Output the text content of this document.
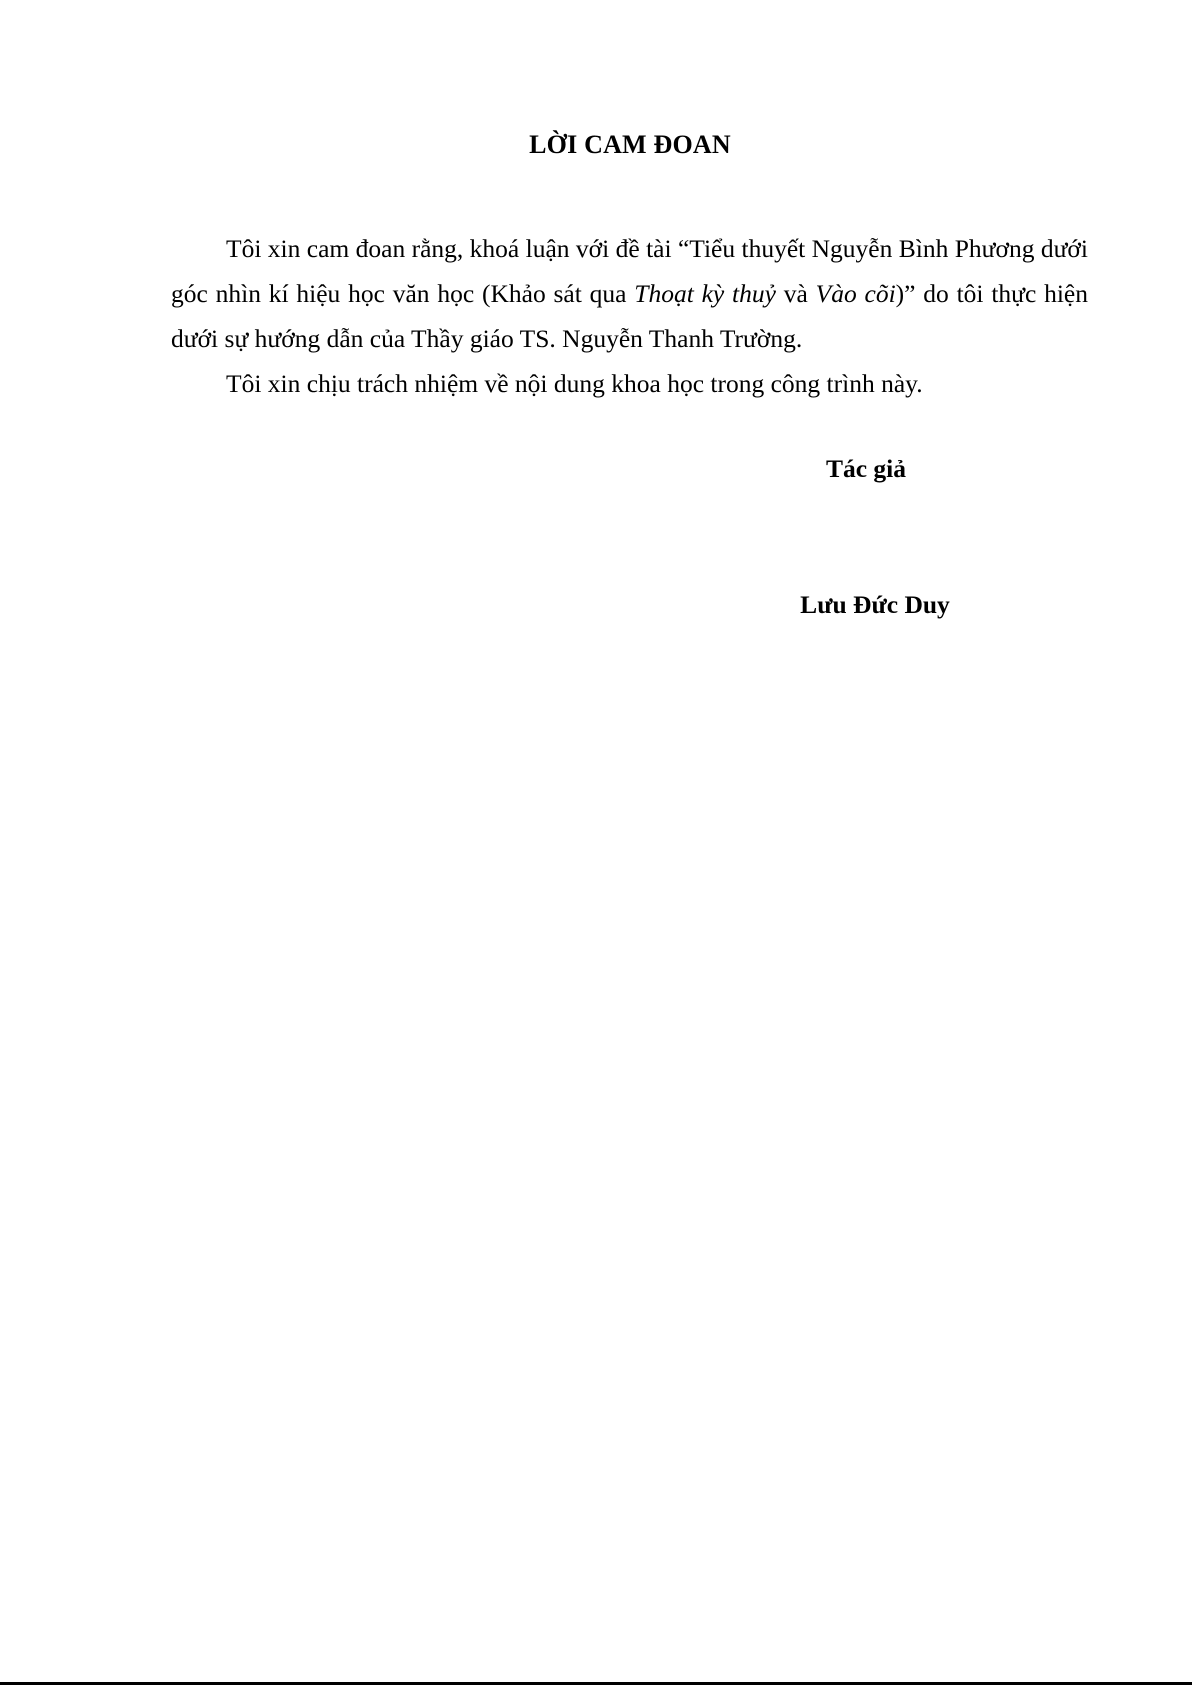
LỜI CAM ĐOAN

Tôi xin cam đoan rằng, khoá luận với đề tài “Tiểu thuyết Nguyễn Bình Phương dưới góc nhìn kí hiệu học văn học (Khảo sát qua Thoạt kỳ thuỷ và Vào cõi)” do tôi thực hiện dưới sự hướng dẫn của Thầy giáo TS. Nguyễn Thanh Trường.

Tôi xin chịu trách nhiệm về nội dung khoa học trong công trình này.

Tác giả
Lưu Đức Duy
